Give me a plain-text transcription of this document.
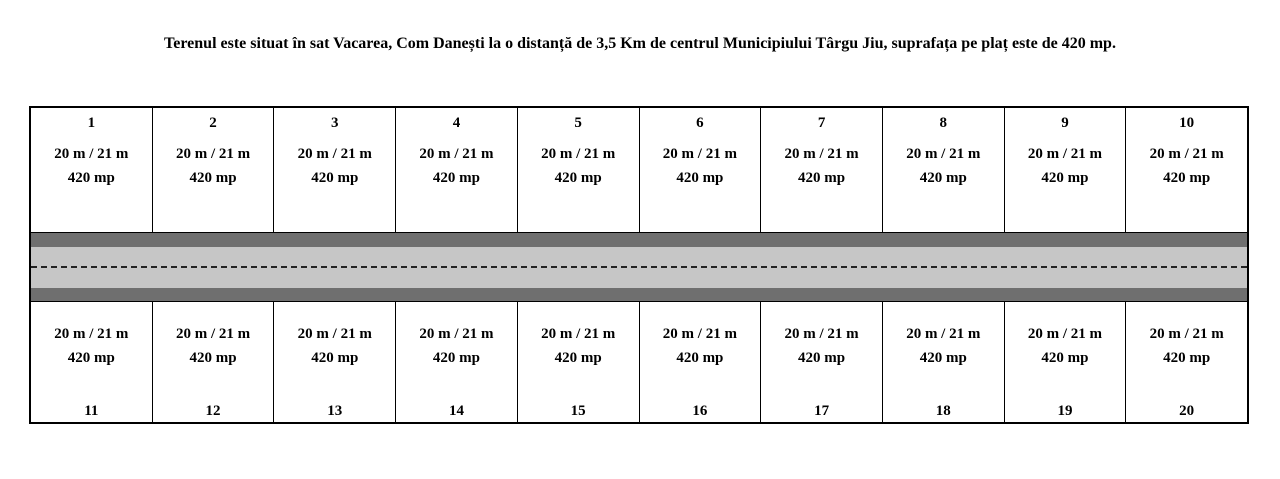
Terenul este situat în sat Vacarea, Com Danești la o distanță de 3,5 Km de centrul Municipiului Târgu Jiu, suprafața pe plaț este de 420 mp.
1
20 m / 21 m
420 mp
2
20 m / 21 m
420 mp
3
20 m / 21 m
420 mp
4
20 m / 21 m
420 mp
5
20 m / 21 m
420 mp
6
20 m / 21 m
420 mp
7
20 m / 21 m
420 mp
8
20 m / 21 m
420 mp
9
20 m / 21 m
420 mp
10
20 m / 21 m
420 mp
20 m / 21 m
420 mp
11
20 m / 21 m
420 mp
12
20 m / 21 m
420 mp
13
20 m / 21 m
420 mp
14
20 m / 21 m
420 mp
15
20 m / 21 m
420 mp
16
20 m / 21 m
420 mp
17
20 m / 21 m
420 mp
18
20 m / 21 m
420 mp
19
20 m / 21 m
420 mp
20
